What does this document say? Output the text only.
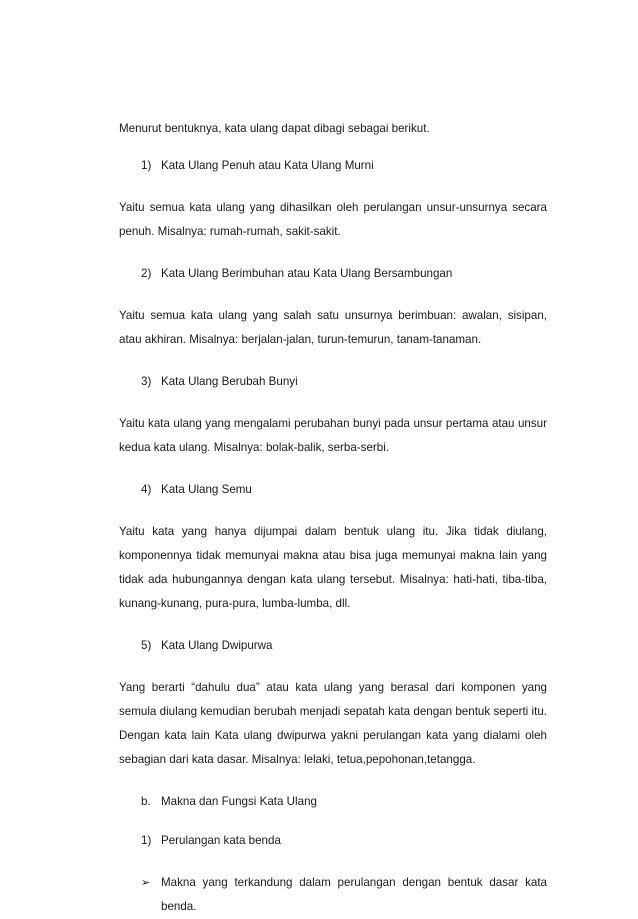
Menurut bentuknya, kata ulang dapat dibagi sebagai berikut.

1) Kata Ulang Penuh atau Kata Ulang Murni

Yaitu semua kata ulang yang dihasilkan oleh perulangan unsur-unsurnya secara penuh. Misalnya: rumah-rumah, sakit-sakit.

2) Kata Ulang Berimbuhan atau Kata Ulang Bersambungan

Yaitu semua kata ulang yang salah satu unsurnya berimbuan: awalan, sisipan, atau akhiran. Misalnya: berjalan-jalan, turun-temurun, tanam-tanaman.

3) Kata Ulang Berubah Bunyi

Yaitu kata ulang yang mengalami perubahan bunyi pada unsur pertama atau unsur kedua kata ulang. Misalnya: bolak-balik, serba-serbi.

4) Kata Ulang Semu

Yaitu kata yang hanya dijumpai dalam bentuk ulang itu. Jika tidak diulang, komponennya tidak memunyai makna atau bisa juga memunyai makna lain yang tidak ada hubungannya dengan kata ulang tersebut. Misalnya: hati-hati, tiba-tiba, kunang-kunang, pura-pura, lumba-lumba, dll.

5) Kata Ulang Dwipurwa

Yang berarti “dahulu dua” atau kata ulang yang berasal dari komponen yang semula diulang kemudian berubah menjadi sepatah kata dengan bentuk seperti itu. Dengan kata lain Kata ulang dwipurwa yakni perulangan kata yang dialami oleh sebagian dari kata dasar. Misalnya: lelaki, tetua,pepohonan,tetangga.

b. Makna dan Fungsi Kata Ulang
1) Perulangan kata benda
➢ Makna yang terkandung dalam perulangan dengan bentuk dasar kata benda.
